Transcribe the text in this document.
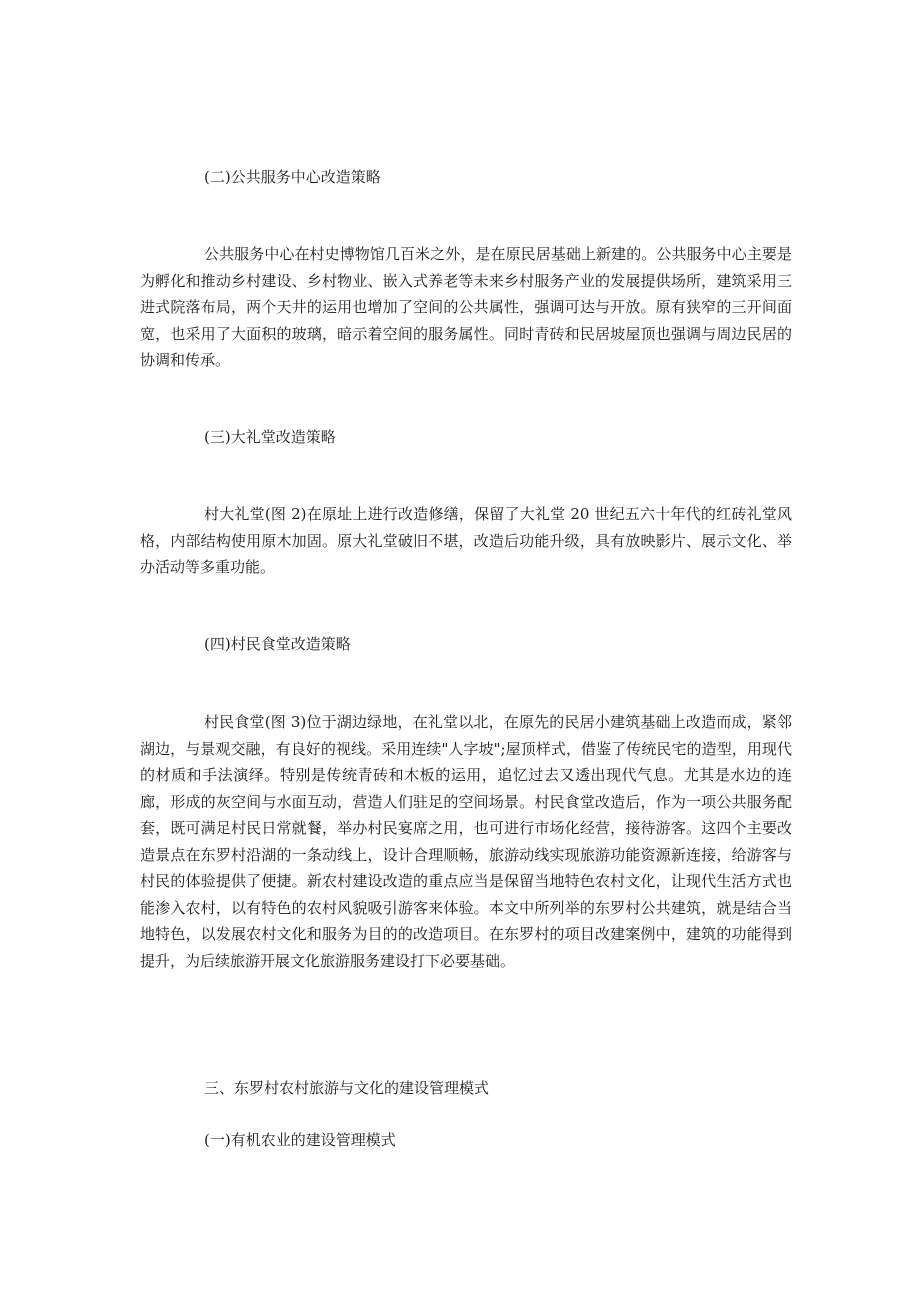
(二)公共服务中心改造策略
公共服务中心在村史博物馆几百米之外，是在原民居基础上新建的。公共服务中心主要是为孵化和推动乡村建设、乡村物业、嵌入式养老等未来乡村服务产业的发展提供场所，建筑采用三进式院落布局，两个天井的运用也增加了空间的公共属性，强调可达与开放。原有狭窄的三开间面宽，也采用了大面积的玻璃，暗示着空间的服务属性。同时青砖和民居坡屋顶也强调与周边民居的协调和传承。
(三)大礼堂改造策略
村大礼堂(图 2)在原址上进行改造修缮，保留了大礼堂 20 世纪五六十年代的红砖礼堂风格，内部结构使用原木加固。原大礼堂破旧不堪，改造后功能升级，具有放映影片、展示文化、举办活动等多重功能。
(四)村民食堂改造策略
村民食堂(图 3)位于湖边绿地，在礼堂以北，在原先的民居小建筑基础上改造而成，紧邻湖边，与景观交融，有良好的视线。采用连续"人字坡";屋顶样式，借鉴了传统民宅的造型，用现代的材质和手法演绎。特别是传统青砖和木板的运用，追忆过去又透出现代气息。尤其是水边的连廊，形成的灰空间与水面互动，营造人们驻足的空间场景。村民食堂改造后，作为一项公共服务配套，既可满足村民日常就餐，举办村民宴席之用，也可进行市场化经营，接待游客。这四个主要改造景点在东罗村沿湖的一条动线上，设计合理顺畅，旅游动线实现旅游功能资源新连接，给游客与村民的体验提供了便捷。新农村建设改造的重点应当是保留当地特色农村文化，让现代生活方式也能渗入农村，以有特色的农村风貌吸引游客来体验。本文中所列举的东罗村公共建筑，就是结合当地特色，以发展农村文化和服务为目的的改造项目。在东罗村的项目改建案例中，建筑的功能得到提升，为后续旅游开展文化旅游服务建设打下必要基础。
三、东罗村农村旅游与文化的建设管理模式
(一)有机农业的建设管理模式
